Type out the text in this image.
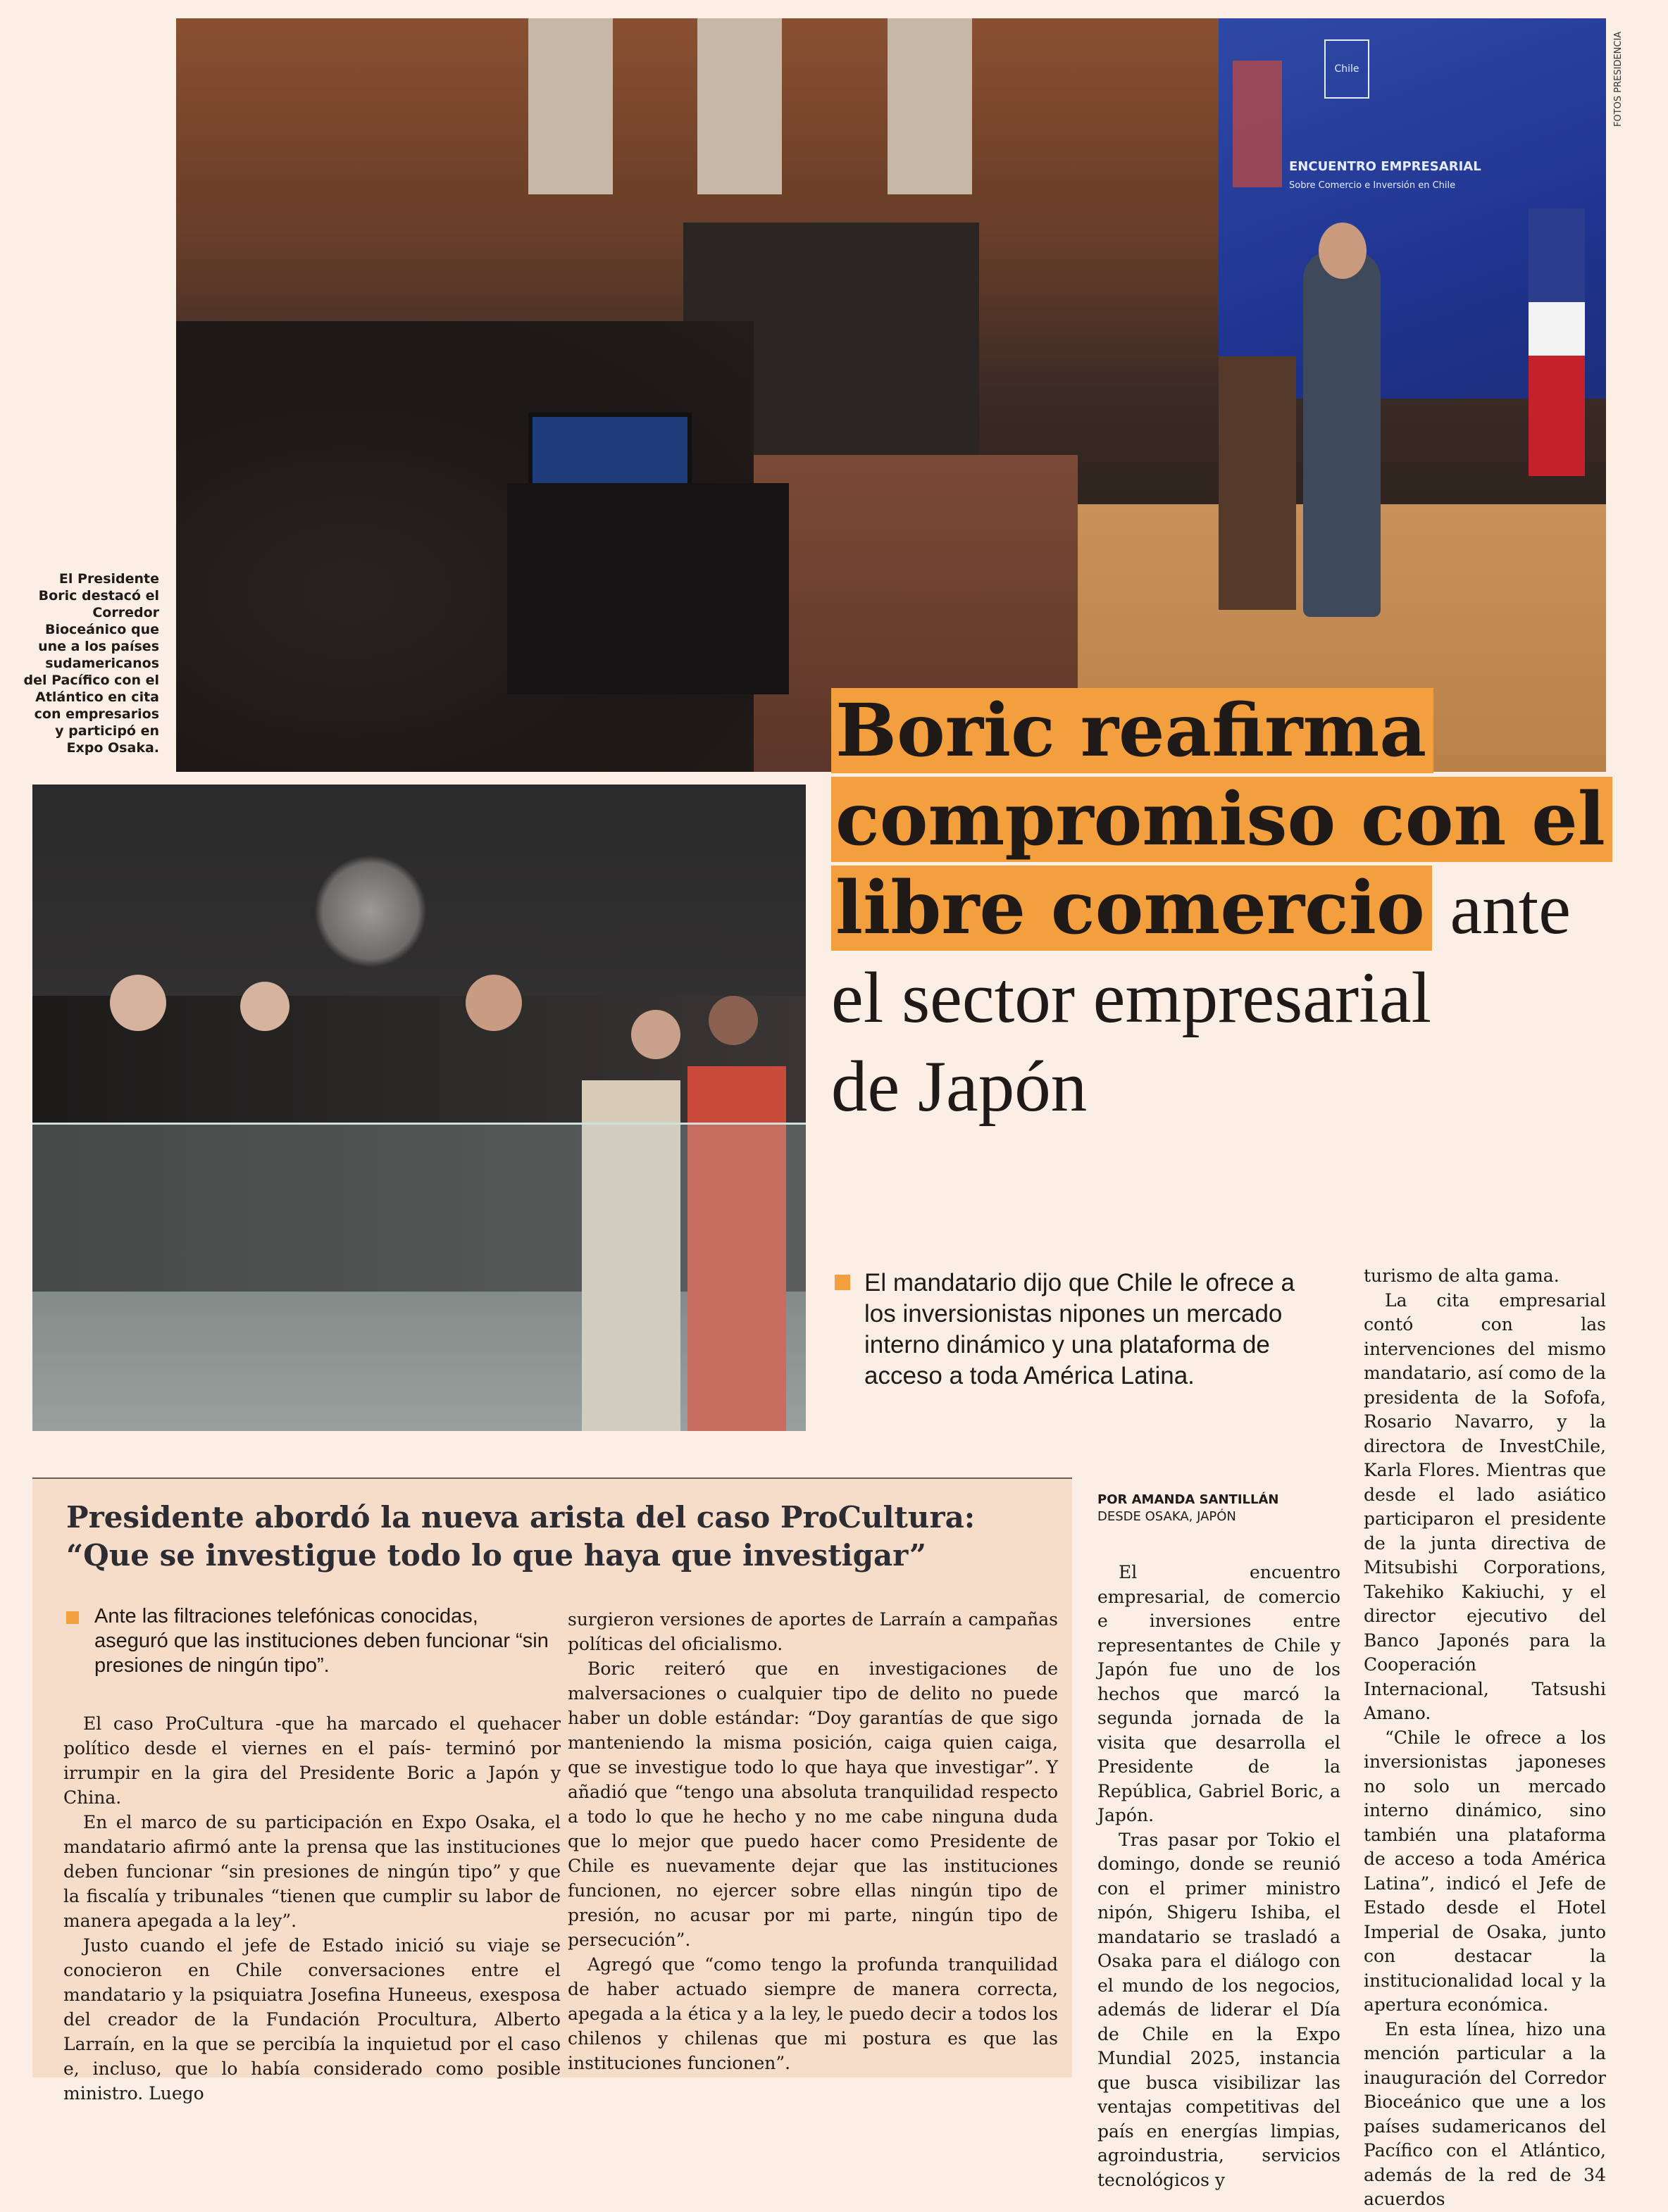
Chile
ENCUENTRO EMPRESARIAL
Sobre Comercio e Inversión en Chile
FOTOS PRESIDENCIA
El Presidente Boric destacó el Corredor Bioceánico que une a los países sudamericanos del Pacífico con el Atlántico en cita con empresarios y participó en Expo Osaka.	Boric reafirma
compromiso con el
libre comercio ante
el sector empresarial
de Japón
El mandatario dijo que Chile le ofrece a los inversionistas nipones un mercado interno dinámico y una plataforma de acceso a toda América Latina.
POR AMANDA SANTILLÁN
DESDE OSAKA, JAPÓN

El encuentro empresarial, de comercio e inversiones entre representantes de Chile y Japón fue uno de los hechos que marcó la segunda jornada de la visita que desarrolla el Presidente de la República, Gabriel Boric, a Japón.

Tras pasar por Tokio el domingo, donde se reunió con el primer ministro nipón, Shigeru Ishiba, el mandatario se trasladó a Osaka para el diálogo con el mundo de los negocios, además de liderar el Día de Chile en la Expo Mundial 2025, instancia que busca visibilizar las ventajas competitivas del país en energías limpias, agroindustria, servicios tecnológicos y

turismo de alta gama.

La cita empresarial contó con las intervenciones del mismo mandatario, así como de la presidenta de la Sofofa, Rosario Navarro, y la directora de InvestChile, Karla Flores. Mientras que desde el lado asiático participaron el presidente de la junta directiva de Mitsubishi Corporations, Takehiko Kakiuchi, y el director ejecutivo del Banco Japonés para la Cooperación Internacional, Tatsushi Amano.

“Chile le ofrece a los inversionistas japoneses no solo un mercado interno dinámico, sino también una plataforma de acceso a toda América Latina”, indicó el Jefe de Estado desde el Hotel Imperial de Osaka, junto con destacar la institucionalidad local y la apertura económica.

En esta línea, hizo una mención particular a la inauguración del Corredor Bioceánico que une a los países sudamericanos del Pacífico con el Atlántico, además de la red de 34 acuerdos

Presidente abordó la nueva arista del caso ProCultura: “Que se investigue todo lo que haya que investigar”
Ante las filtraciones telefónicas conocidas, aseguró que las instituciones deben funcionar “sin presiones de ningún tipo”.

El caso ProCultura -que ha marcado el quehacer político desde el viernes en el país- terminó por irrumpir en la gira del Presidente Boric a Japón y China.

En el marco de su participación en Expo Osaka, el mandatario afirmó ante la prensa que las instituciones deben funcionar “sin presiones de ningún tipo” y que la fiscalía y tribunales “tienen que cumplir su labor de manera apegada a la ley”.

Justo cuando el jefe de Estado inició su viaje se conocieron en Chile conversaciones entre el mandatario y la psiquiatra Josefina Huneeus, exesposa del creador de la Fundación Procultura, Alberto Larraín, en la que se percibía la inquietud por el caso e, incluso, que lo había considerado como posible ministro. Luego

surgieron versiones de aportes de Larraín a campañas políticas del oficialismo.

Boric reiteró que en investigaciones de malversaciones o cualquier tipo de delito no puede haber un doble estándar: “Doy garantías de que sigo manteniendo la misma posición, caiga quien caiga, que se investigue todo lo que haya que investigar”. Y añadió que “tengo una absoluta tranquilidad respecto a todo lo que he hecho y no me cabe ninguna duda que lo mejor que puedo hacer como Presidente de Chile es nuevamente dejar que las instituciones funcionen, no ejercer sobre ellas ningún tipo de presión, no acusar por mi parte, ningún tipo de persecución”.

Agregó que “como tengo la profunda tranquilidad de haber actuado siempre de manera correcta, apegada a la ética y a la ley, le puedo decir a todos los chilenos y chilenas que mi postura es que las instituciones funcionen”.
